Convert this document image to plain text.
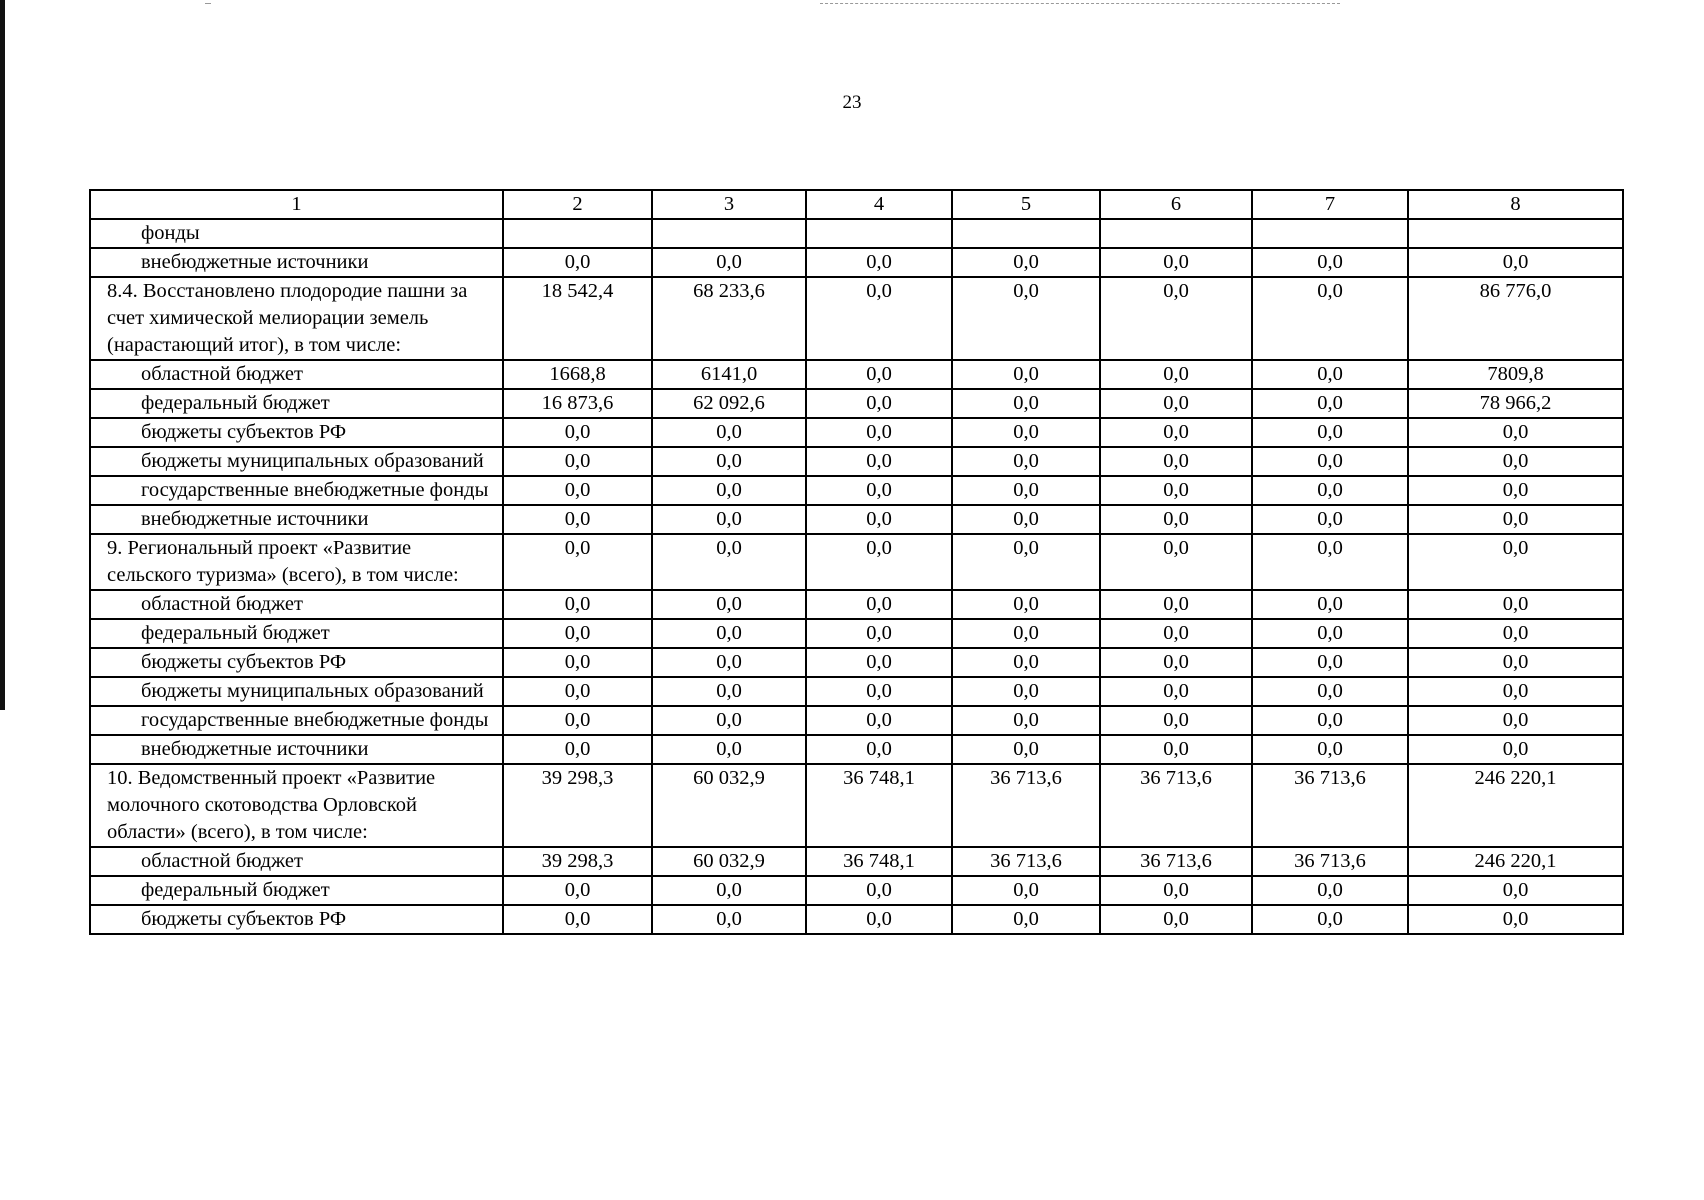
23
1	2	3	4	5	6	7	8
фонды							
внебюджетные источники	0,0	0,0	0,0	0,0	0,0	0,0	0,0
8.4. Восстановлено плодородие пашни за счет химической мелиорации земель (нарастающий итог), в том числе:	18 542,4	68 233,6	0,0	0,0	0,0	0,0	86 776,0
областной бюджет	1668,8	6141,0	0,0	0,0	0,0	0,0	7809,8
федеральный бюджет	16 873,6	62 092,6	0,0	0,0	0,0	0,0	78 966,2
бюджеты субъектов РФ	0,0	0,0	0,0	0,0	0,0	0,0	0,0
бюджеты муниципальных образований	0,0	0,0	0,0	0,0	0,0	0,0	0,0
государственные внебюджетные фонды	0,0	0,0	0,0	0,0	0,0	0,0	0,0
внебюджетные источники	0,0	0,0	0,0	0,0	0,0	0,0	0,0
9. Региональный проект «Развитие сельского туризма» (всего), в том числе:	0,0	0,0	0,0	0,0	0,0	0,0	0,0
областной бюджет	0,0	0,0	0,0	0,0	0,0	0,0	0,0
федеральный бюджет	0,0	0,0	0,0	0,0	0,0	0,0	0,0
бюджеты субъектов РФ	0,0	0,0	0,0	0,0	0,0	0,0	0,0
бюджеты муниципальных образований	0,0	0,0	0,0	0,0	0,0	0,0	0,0
государственные внебюджетные фонды	0,0	0,0	0,0	0,0	0,0	0,0	0,0
внебюджетные источники	0,0	0,0	0,0	0,0	0,0	0,0	0,0
10. Ведомственный проект «Развитие молочного скотоводства Орловской области» (всего), в том числе:	39 298,3	60 032,9	36 748,1	36 713,6	36 713,6	36 713,6	246 220,1
областной бюджет	39 298,3	60 032,9	36 748,1	36 713,6	36 713,6	36 713,6	246 220,1
федеральный бюджет	0,0	0,0	0,0	0,0	0,0	0,0	0,0
бюджеты субъектов РФ	0,0	0,0	0,0	0,0	0,0	0,0	0,0
